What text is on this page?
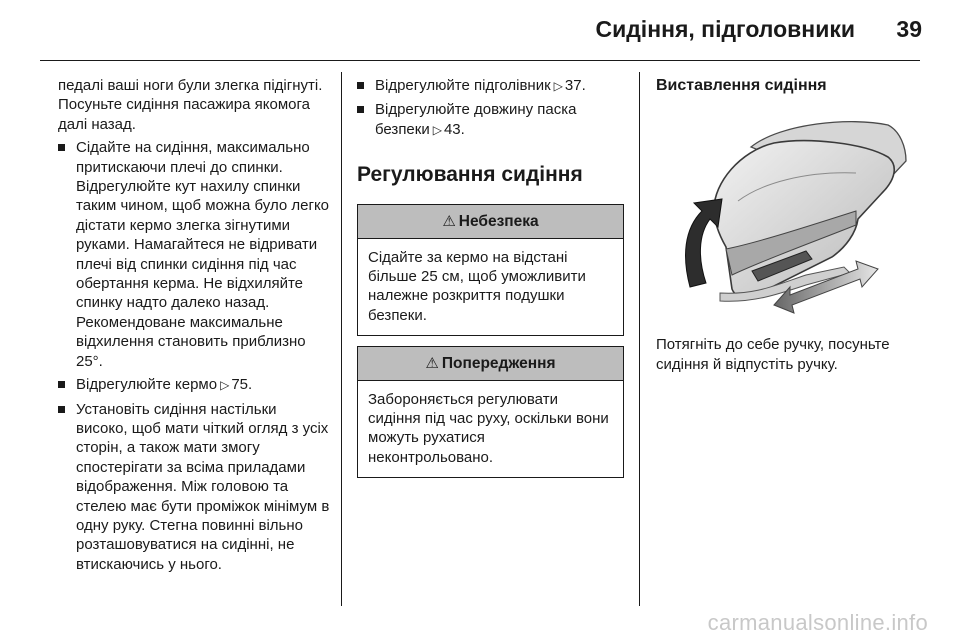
Сидіння, підголовники 39

педалі ваші ноги були злегка підігнуті. Посуньте сидіння пасажира якомога далі назад.

Сідайте на сидіння, максимально притискаючи плечі до спинки. Відрегулюйте кут нахилу спинки таким чином, щоб можна було легко дістати кермо злегка зігнутими руками. Намагайтеся не відривати плечі від спинки сидіння під час обертання керма. Не відхиляйте спинку надто далеко назад. Рекомендоване максимальне відхилення становить приблизно 25°.
Відрегулюйте кермо ▷ 75.
Установіть сидіння настільки високо, щоб мати чіткий огляд з усіх сторін, а також мати змогу спостерігати за всіма приладами відображення. Між головою та стелею має бути проміжок мінімум в одну руку. Стегна повинні вільно розташовуватися на сидінні, не втискаючись у нього.
Відрегулюйте підголівник ▷ 37.
Відрегулюйте довжину паска безпеки ▷ 43.
Регулювання сидіння
⚠ Небезпека
Сідайте за кермо на відстані більше 25 см, щоб уможливити належне розкриття подушки безпеки.
⚠ Попередження
Забороняється регулювати сидіння під час руху, оскільки вони можуть рухатися неконтрольовано.
Виставлення сидіння

Потягніть до себе ручку, посуньте сидіння й відпустіть ручку.

carmanualsonline.info
